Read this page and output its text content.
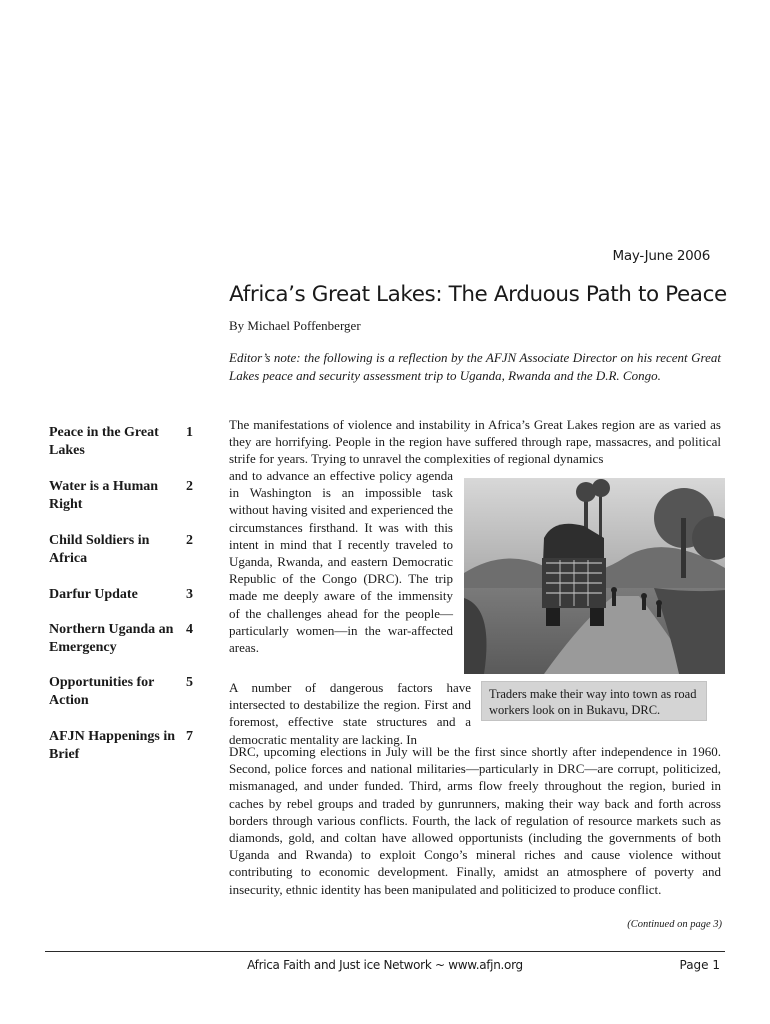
May-June 2006
Africa’s Great Lakes: The Arduous Path to Peace
By Michael Poffenberger
Editor’s note: the following is a reflection by the AFJN Associate Director on his recent Great Lakes peace and security assessment trip to Uganda, Rwanda and the D.R. Congo.

The manifestations of violence and instability in Africa’s Great Lakes region are as varied as they are horrifying. People in the region have suffered through rape, massacres, and political strife for years. Trying to unravel the complexities of regional dynamics

and to advance an effective policy agenda in Washington is an impossible task without having visited and experienced the circumstances firsthand. It was with this intent in mind that I recently traveled to Uganda, Rwanda, and eastern Democratic Republic of the Congo (DRC). The trip made me deeply aware of the immensity of the challenges ahead for the people—particularly women—in the war-affected areas.

A number of dangerous factors have intersected to destabilize the region. First and foremost, effective state structures and a democratic mentality are lacking. In

DRC, upcoming elections in July will be the first since shortly after independence in 1960. Second, police forces and national militaries—particularly in DRC—are corrupt, politicized, mismanaged, and under funded. Third, arms flow freely throughout the region, buried in caches by rebel groups and traded by gunrunners, making their way back and forth across borders through various conflicts. Fourth, the lack of regulation of resource markets such as diamonds, gold, and coltan have allowed opportunists (including the governments of both Uganda and Rwanda) to exploit Congo’s mineral riches and cause violence without contributing to economic development. Finally, amidst an atmosphere of poverty and insecurity, ethnic identity has been manipulated and politicized to produce conflict.

(Continued on page 3)
Traders make their way into town as road workers look on in Bukavu, DRC.
Peace in the Great Lakes
1
Water is a Human Right
2
Child Soldiers in Africa
2
Darfur Update	3
Northern Uganda an Emergency
4
Opportunities for Action
5
AFJN Happenings in Brief
7
Africa Faith and Just ice Network ~ www.afjn.org	Page 1
